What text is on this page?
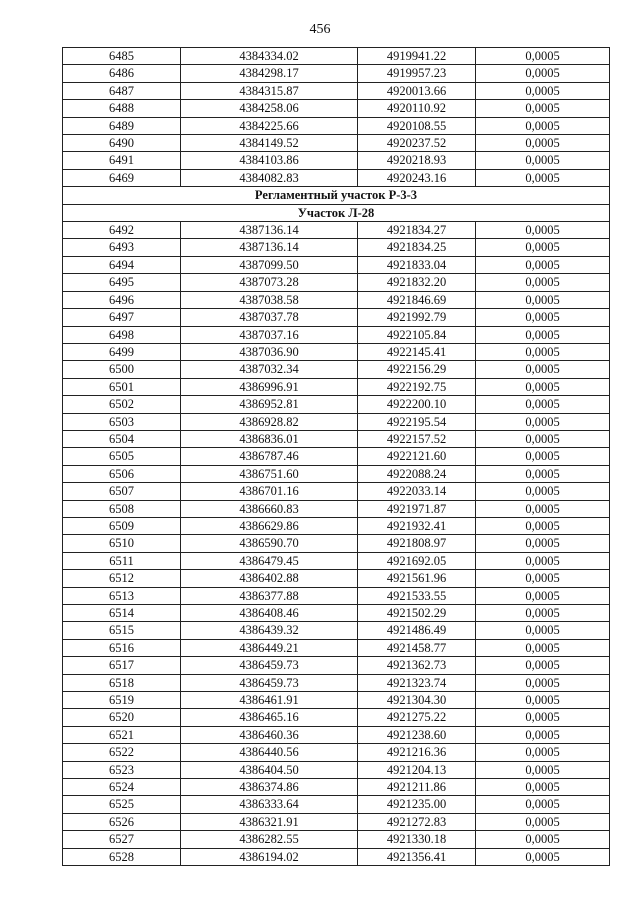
456
6485	4384334.02	4919941.22	0,0005
6486	4384298.17	4919957.23	0,0005
6487	4384315.87	4920013.66	0,0005
6488	4384258.06	4920110.92	0,0005
6489	4384225.66	4920108.55	0,0005
6490	4384149.52	4920237.52	0,0005
6491	4384103.86	4920218.93	0,0005
6469	4384082.83	4920243.16	0,0005
Регламентный участок Р-3-3			
Участок Л-28			
6492	4387136.14	4921834.27	0,0005
6493	4387136.14	4921834.25	0,0005
6494	4387099.50	4921833.04	0,0005
6495	4387073.28	4921832.20	0,0005
6496	4387038.58	4921846.69	0,0005
6497	4387037.78	4921992.79	0,0005
6498	4387037.16	4922105.84	0,0005
6499	4387036.90	4922145.41	0,0005
6500	4387032.34	4922156.29	0,0005
6501	4386996.91	4922192.75	0,0005
6502	4386952.81	4922200.10	0,0005
6503	4386928.82	4922195.54	0,0005
6504	4386836.01	4922157.52	0,0005
6505	4386787.46	4922121.60	0,0005
6506	4386751.60	4922088.24	0,0005
6507	4386701.16	4922033.14	0,0005
6508	4386660.83	4921971.87	0,0005
6509	4386629.86	4921932.41	0,0005
6510	4386590.70	4921808.97	0,0005
6511	4386479.45	4921692.05	0,0005
6512	4386402.88	4921561.96	0,0005
6513	4386377.88	4921533.55	0,0005
6514	4386408.46	4921502.29	0,0005
6515	4386439.32	4921486.49	0,0005
6516	4386449.21	4921458.77	0,0005
6517	4386459.73	4921362.73	0,0005
6518	4386459.73	4921323.74	0,0005
6519	4386461.91	4921304.30	0,0005
6520	4386465.16	4921275.22	0,0005
6521	4386460.36	4921238.60	0,0005
6522	4386440.56	4921216.36	0,0005
6523	4386404.50	4921204.13	0,0005
6524	4386374.86	4921211.86	0,0005
6525	4386333.64	4921235.00	0,0005
6526	4386321.91	4921272.83	0,0005
6527	4386282.55	4921330.18	0,0005
6528	4386194.02	4921356.41	0,0005
